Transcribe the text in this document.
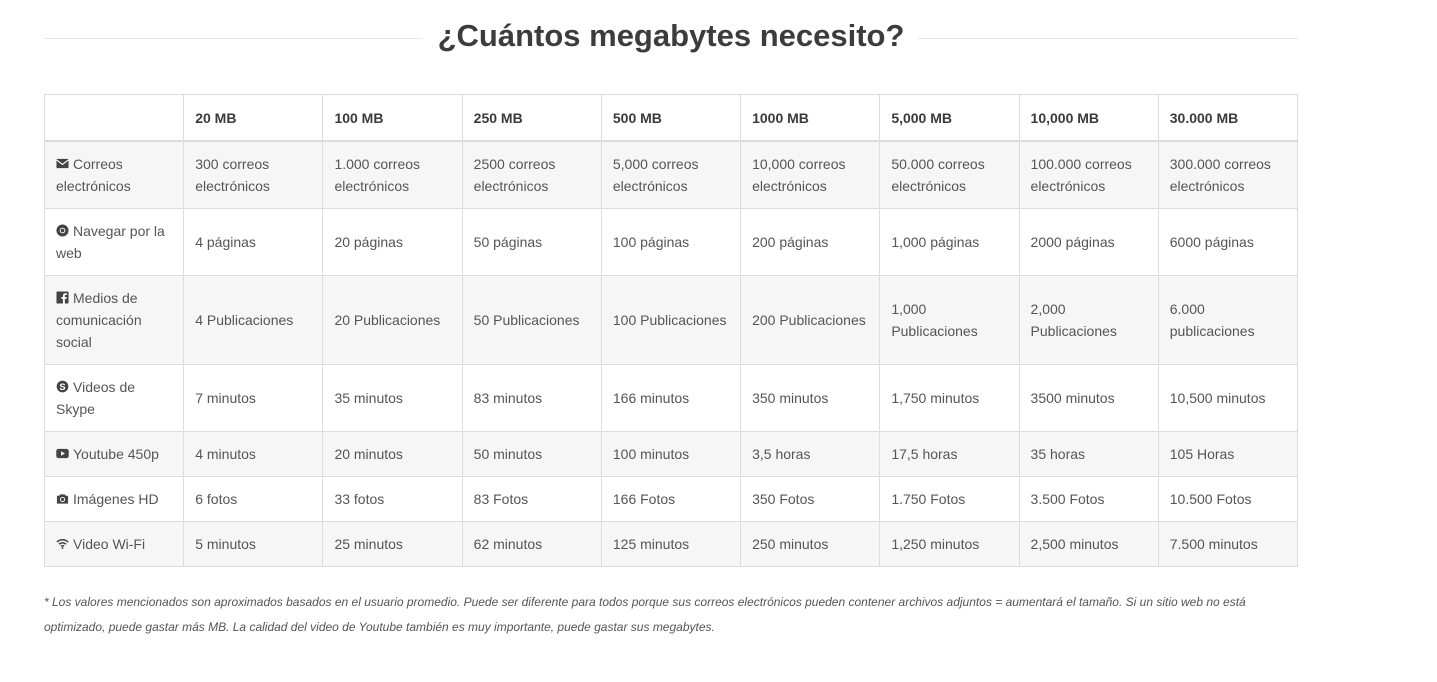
¿Cuántos megabytes necesito?
	20 MB	100 MB	250 MB	500 MB	1000 MB	5,000 MB	10,000 MB	30.000 MB
Correos electrónicos	300 correos electrónicos	1.000 correos electrónicos	2500 correos electrónicos	5,000 correos electrónicos	10,000 correos electrónicos	50.000 correos electrónicos	100.000 correos electrónicos	300.000 correos electrónicos
Navegar por la web	4 páginas	20 páginas	50 páginas	100 páginas	200 páginas	1,000 páginas	2000 páginas	6000 páginas
Medios de comunicación social	4 Publicaciones	20 Publicaciones	50 Publicaciones	100 Publicaciones	200 Publicaciones	1,000 Publicaciones	2,000 Publicaciones	6.000 publicaciones

S Videos de Skype	7 minutos	35 minutos	83 minutos	166 minutos	350 minutos	1,750 minutos	3500 minutos	10,500 minutos
Youtube 450p	4 minutos	20 minutos	50 minutos	100 minutos	3,5 horas	17,5 horas	35 horas	105 Horas
Imágenes HD	6 fotos	33 fotos	83 Fotos	166 Fotos	350 Fotos	1.750 Fotos	3.500 Fotos	10.500 Fotos
Video Wi-Fi	5 minutos	25 minutos	62 minutos	125 minutos	250 minutos	1,250 minutos	2,500 minutos	7.500 minutos

* Los valores mencionados son aproximados basados en el usuario promedio. Puede ser diferente para todos porque sus correos electrónicos pueden contener archivos adjuntos = aumentará el tamaño. Si un sitio web no está optimizado, puede gastar más MB. La calidad del video de Youtube también es muy importante, puede gastar sus megabytes.
